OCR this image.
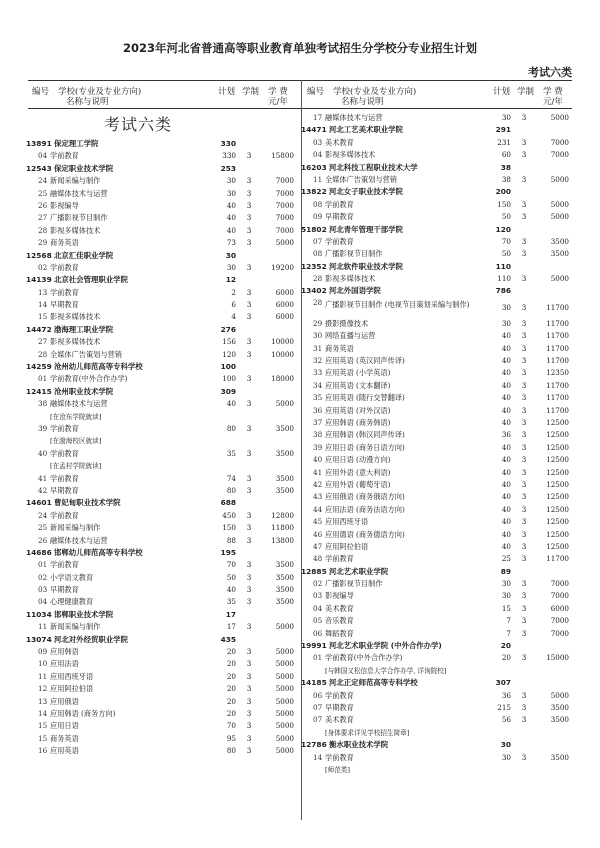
2023年河北省普通高等职业教育单独考试招生分学校分专业招生计划
考试六类
编号 学校(专业及专业方向)
名称与说明
计划 学制 学 费
元/年
编号 学校(专业及专业方向)
名称与说明
计划 学制 学 费
元/年
考试六类
13891 保定理工学院	330
04 学前教育	330	3	15800
12543 保定职业技术学院	253
24 新闻采编与制作	30	3	7000
25 融媒体技术与运营	30	3	7000
26 影视编导	40	3	7000
27 广播影视节目制作	40	3	7000
28 影视多媒体技术	40	3	7000
29 商务英语	73	3	5000
12568 北京汇佳职业学院	30
02 学前教育	30	3	19200
14139 北京社会管理职业学院	12
13 学前教育	2	3	6000
14 早期教育	6	3	6000
15 影视多媒体技术	4	3	6000
14472 渤海理工职业学院	276
27 影视多媒体技术	156	3	10000
28 全媒体广告策划与营销	120	3	10000
14259 沧州幼儿师范高等专科学校	100
01 学前教育(中外合作办学)	100	3	18000
12415 沧州职业技术学院	309
38 融媒体技术与运营	40	3	5000
[在沧东学院就读]
39 学前教育	80	3	3500
[在渤海校区就读]
40 学前教育	35	3	3500
[在孟村学院就读]
41 学前教育	74	3	3500
42 早期教育	80	3	3500
14601 曹妃甸职业技术学院	688
24 学前教育	450	3	12800
25 新闻采编与制作	150	3	11800
26 融媒体技术与运营	88	3	13800
14686 邯郸幼儿师范高等专科学校	195
01 学前教育	70	3	3500
02 小学语文教育	50	3	3500
03 早期教育	40	3	3500
04 心理健康教育	35	3	3500
11034 邯郸职业技术学院	17
11 新闻采编与制作	17	3	5000
13074 河北对外经贸职业学院	435
09 应用韩语	20	3	5000
10 应用法语	20	3	5000
11 应用西班牙语	20	3	5000
12 应用阿拉伯语	20	3	5000
13 应用俄语	20	3	5000
14 应用韩语 (商务方向)	20	3	5000
15 应用日语	70	3	5000
15 商务英语	95	3	5000
16 应用英语	80	3	5000
17 融媒体技术与运营	30	3	5000
14471 河北工艺美术职业学院	291
03 美术教育	231	3	7000
04 影视多媒体技术	60	3	7000
16203 河北科技工程职业技术大学	38
11 全媒体广告策划与营销	38	3	5000
13822 河北女子职业技术学院	200
08 学前教育	150	3	5000
09 早期教育	50	3	5000
51802 河北青年管理干部学院	120
07 学前教育	70	3	3500
08 广播影视节目制作	50	3	3500
12352 河北软件职业技术学院	110
28 影视多媒体技术	110	3	5000
13402 河北外国语学院	786
28 广播影视节目制作 (电视节目策划采编与制作)	30	3	11700
29 摄影摄像技术	30	3	11700
30 网络直播与运营	40	3	11700
31 商务英语	40	3	11700
32 应用英语 (英汉同声传译)	40	3	11700
33 应用英语 (小学英语)	40	3	12350
34 应用英语 (文本翻译)	40	3	11700
35 应用英语 (随行交替翻译)	40	3	11700
36 应用英语 (对外汉语)	40	3	11700
37 应用韩语 (商务韩语)	40	3	12500
38 应用韩语 (韩汉同声传译)	36	3	12500
39 应用日语 (商务日语方向)	40	3	12500
40 应用日语 (动漫方向)	40	3	12500
41 应用外语 (意大利语)	40	3	12500
42 应用外语 (葡萄牙语)	40	3	12500
43 应用俄语 (商务俄语方向)	40	3	12500
44 应用法语 (商务法语方向)	40	3	12500
45 应用西班牙语	40	3	12500
46 应用德语 (商务德语方向)	40	3	12500
47 应用阿拉伯语	40	3	12500
48 学前教育	25	3	11700
12885 河北艺术职业学院	89
02 广播影视节目制作	30	3	7000
03 影视编导	30	3	7000
04 美术教育	15	3	6000
05 音乐教育	7	3	7000
06 舞蹈教育	7	3	7000
19991 河北艺术职业学院 (中外合作办学)	20
01 学前教育(中外合作办学)	20	3	15000
[与韩国又松信息大学合作办学, 详询院校]
14185 河北正定师范高等专科学校	307
06 学前教育	36	3	5000
07 早期教育	215	3	3500
07 美术教育	56	3	3500
[身体要求详见学校招生简章]
12786 衡水职业技术学院	30
14 学前教育	30	3	3500
[师范类]
